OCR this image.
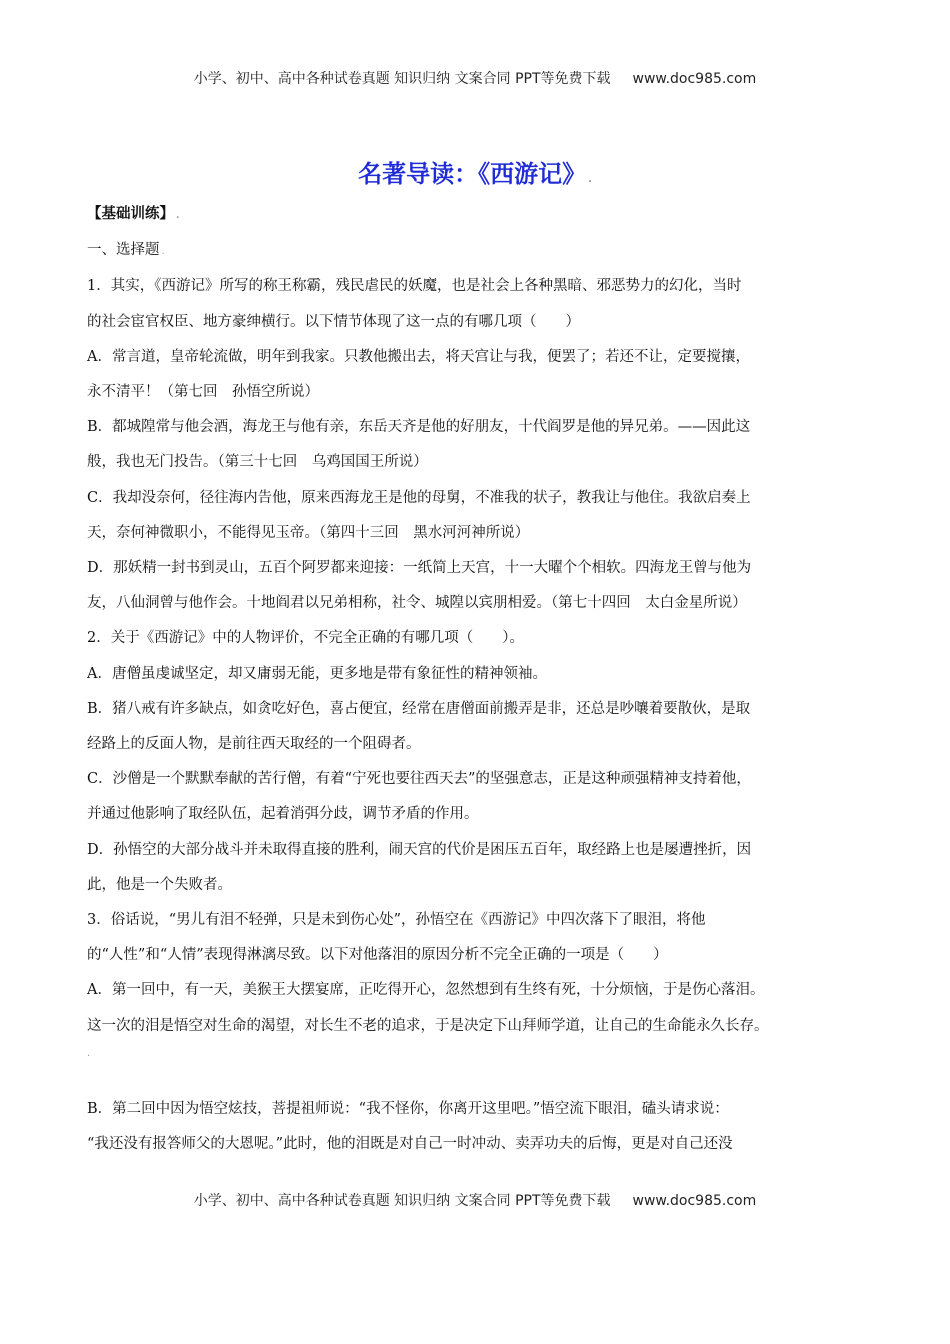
小学、初中、高中各种试卷真题 知识归纳 文案合同 PPT等免费下载 www.doc985.com
名著导读：《西游记》 .
【基础训练】 .
一、选择题 .
1．其实，《西游记》所写的称王称霸，残民虐民的妖魔，也是社会上各种黑暗、邪恶势力的幻化，当时
的社会宦官权臣、地方豪绅横行。以下情节体现了这一点的有哪几项（　　）
A．常言道，皇帝轮流做，明年到我家。只教他搬出去，将天宫让与我，便罢了；若还不让，定要搅攘，
永不清平！（第七回　孙悟空所说）
B．都城隍常与他会酒，海龙王与他有亲，东岳天齐是他的好朋友，十代阎罗是他的异兄弟。——因此这
般，我也无门投告。（第三十七回　乌鸡国国王所说）
C．我却没奈何，径往海内告他，原来西海龙王是他的母舅，不准我的状子，教我让与他住。我欲启奏上
天，奈何神微职小，不能得见玉帝。（第四十三回　黑水河河神所说）
D．那妖精一封书到灵山，五百个阿罗都来迎接：一纸简上天宫，十一大曜个个相软。四海龙王曾与他为
友，八仙洞曾与他作会。十地阎君以兄弟相称，社令、城隍以宾朋相爱。（第七十四回　太白金星所说）
2．关于《西游记》中的人物评价，不完全正确的有哪几项（　　）。
A．唐僧虽虔诚坚定，却又庸弱无能，更多地是带有象征性的精神领袖。
B．猪八戒有许多缺点，如贪吃好色，喜占便宜，经常在唐僧面前搬弄是非，还总是吵嚷着要散伙，是取
经路上的反面人物，是前往西天取经的一个阻碍者。
C．沙僧是一个默默奉献的苦行僧，有着“宁死也要往西天去”的坚强意志，正是这种顽强精神支持着他，
并通过他影响了取经队伍，起着消弭分歧，调节矛盾的作用。
D．孙悟空的大部分战斗并未取得直接的胜利，闹天宫的代价是困压五百年，取经路上也是屡遭挫折，因
此，他是一个失败者。
3．俗话说，“男儿有泪不轻弹，只是未到伤心处”，孙悟空在《西游记》中四次落下了眼泪，将他
的“人性”和“人情”表现得淋漓尽致。以下对他落泪的原因分析不完全正确的一项是（　　）
A．第一回中，有一天，美猴王大摆宴席，正吃得开心，忽然想到有生终有死，十分烦恼，于是伤心落泪。
这一次的泪是悟空对生命的渴望，对长生不老的追求，于是决定下山拜师学道，让自己的生命能永久长存。
.
B．第二回中因为悟空炫技，菩提祖师说：“我不怪你，你离开这里吧。”悟空流下眼泪，磕头请求说：
“我还没有报答师父的大恩呢。”此时，他的泪既是对自己一时冲动、卖弄功夫的后悔，更是对自己还没
小学、初中、高中各种试卷真题 知识归纳 文案合同 PPT等免费下载 www.doc985.com
